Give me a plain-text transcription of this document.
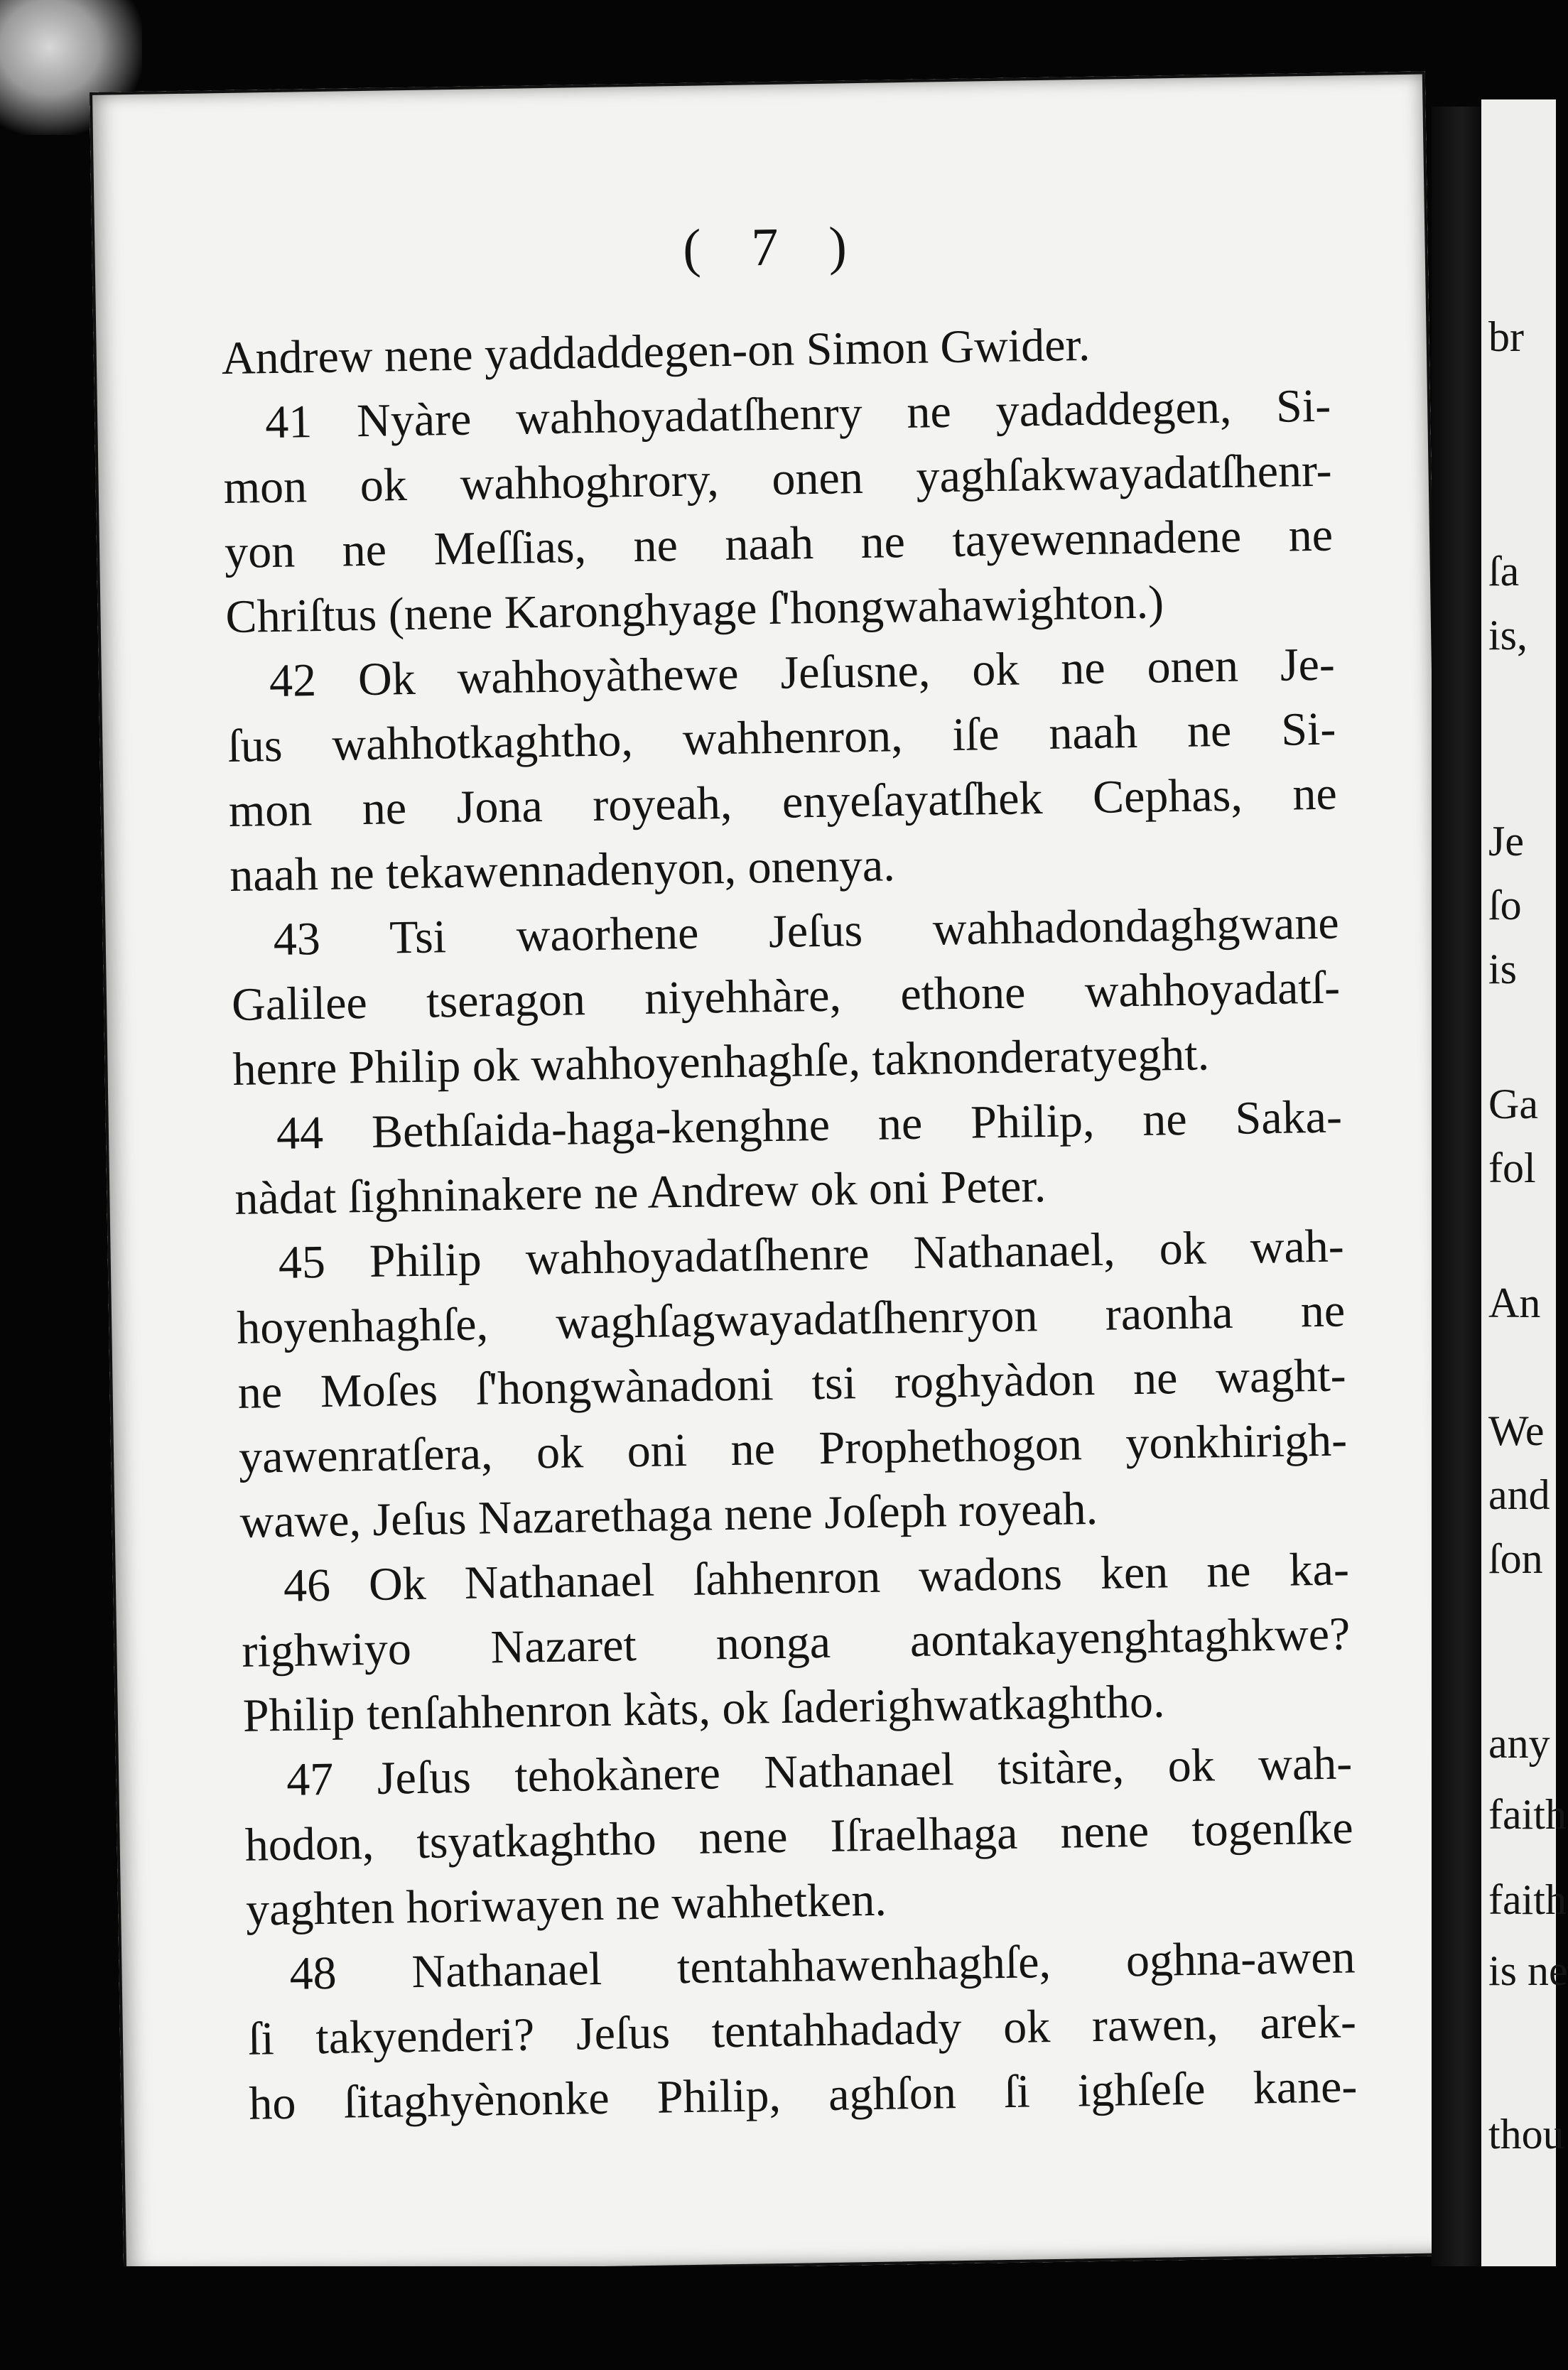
( 7 )
Andrew nene yaddaddegen-on Simon Gwider.
41 Nyàre wahhoyadatſhenry ne yadaddegen, Si-
mon ok wahhoghrory, onen yaghſakwayadatſhenr-
yon ne Meſſias, ne naah ne tayewennadene ne
Chriſtus (nene Karonghyage ſ'hongwahawighton.)
42 Ok wahhoyàthewe Jeſusne, ok ne onen Je-
ſus wahhotkaghtho, wahhenron, iſe naah ne Si-
mon ne Jona royeah, enyeſayatſhek Cephas, ne
naah ne tekawennadenyon, onenya.
43 Tsi waorhene Jeſus wahhadondaghgwane
Galilee tseragon niyehhàre, ethone wahhoyadatſ-
henre Philip ok wahhoyenhaghſe, taknonderatyeght.
44 Bethſaida-haga-kenghne ne Philip, ne Saka-
nàdat ſighninakere ne Andrew ok oni Peter.
45 Philip wahhoyadatſhenre Nathanael, ok wah-
hoyenhaghſe, waghſagwayadatſhenryon raonha ne
ne Moſes ſ'hongwànadoni tsi roghyàdon ne waght-
yawenratſera, ok oni ne Prophethogon yonkhirigh-
wawe, Jeſus Nazarethaga nene Joſeph royeah.
46 Ok Nathanael ſahhenron wadons ken ne ka-
righwiyo Nazaret nonga aontakayenghtaghkwe?
Philip tenſahhenron kàts, ok ſaderighwatkaghtho.
47 Jeſus tehokànere Nathanael tsitàre, ok wah-
hodon, tsyatkaghtho nene Iſraelhaga nene togenſke
yaghten horiwayen ne wahhetken.
48 Nathanael tentahhawenhaghſe, oghna-awen
ſi takyenderi? Jeſus tentahhadady ok rawen, arek-
ho ſitaghyènonke Philip, aghſon ſi ighſeſe kane-
br
ſa
is,
Je
ſo
is
Ga
fol
An
We
and
ſon
any
faith
faith
is ne
thou
